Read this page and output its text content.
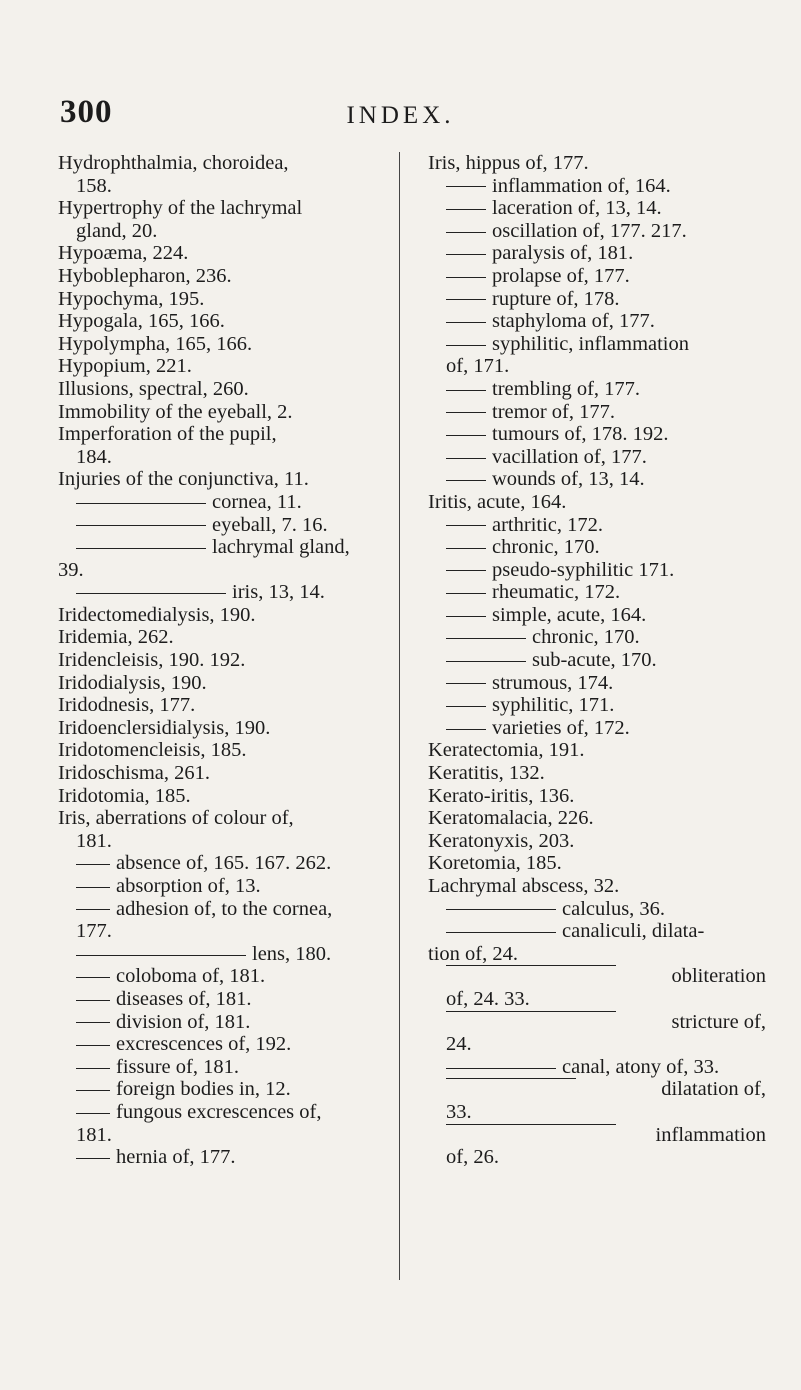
300	INDEX.
Hydrophthalmia, choroidea,
158.
Hypertrophy of the lachrymal
gland, 20.
Hypoæma, 224.
Hyboblepharon, 236.
Hypochyma, 195.
Hypogala, 165, 166.
Hypolympha, 165, 166.
Hypopium, 221.
Illusions, spectral, 260.
Immobility of the eyeball, 2.
Imperforation of the pupil,
184.
Injuries of the conjunctiva, 11.
cornea, 11.
eyeball, 7. 16.
lachrymal gland,
39.
iris, 13, 14.
Iridectomedialysis, 190.
Iridemia, 262.
Iridencleisis, 190. 192.
Iridodialysis, 190.
Iridodnesis, 177.
Iridoenclersidialysis, 190.
Iridotomencleisis, 185.
Iridoschisma, 261.
Iridotomia, 185.
Iris, aberrations of colour of,
181.
absence of, 165. 167. 262.
absorption of, 13.
adhesion of, to the cornea,
177.
lens, 180.
coloboma of, 181.
diseases of, 181.
division of, 181.
excrescences of, 192.
fissure of, 181.
foreign bodies in, 12.
fungous excrescences of,
181.
hernia of, 177.
Iris, hippus of, 177.
inflammation of, 164.
laceration of, 13, 14.
oscillation of, 177. 217.
paralysis of, 181.
prolapse of, 177.
rupture of, 178.
staphyloma of, 177.
syphilitic, inflammation
of, 171.
trembling of, 177.
tremor of, 177.
tumours of, 178. 192.
vacillation of, 177.
wounds of, 13, 14.
Iritis, acute, 164.
arthritic, 172.
chronic, 170.
pseudo-syphilitic 171.
rheumatic, 172.
simple, acute, 164.
chronic, 170.
sub-acute, 170.
strumous, 174.
syphilitic, 171.
varieties of, 172.
Keratectomia, 191.
Keratitis, 132.
Kerato-iritis, 136.
Keratomalacia, 226.
Keratonyxis, 203.
Koretomia, 185.
Lachrymal abscess, 32.
calculus, 36.
canaliculi, dilata-
tion of, 24.
obliteration
of, 24. 33.
stricture of,
24.
canal, atony of, 33.
dilatation of,
33.
inflammation
of, 26.
